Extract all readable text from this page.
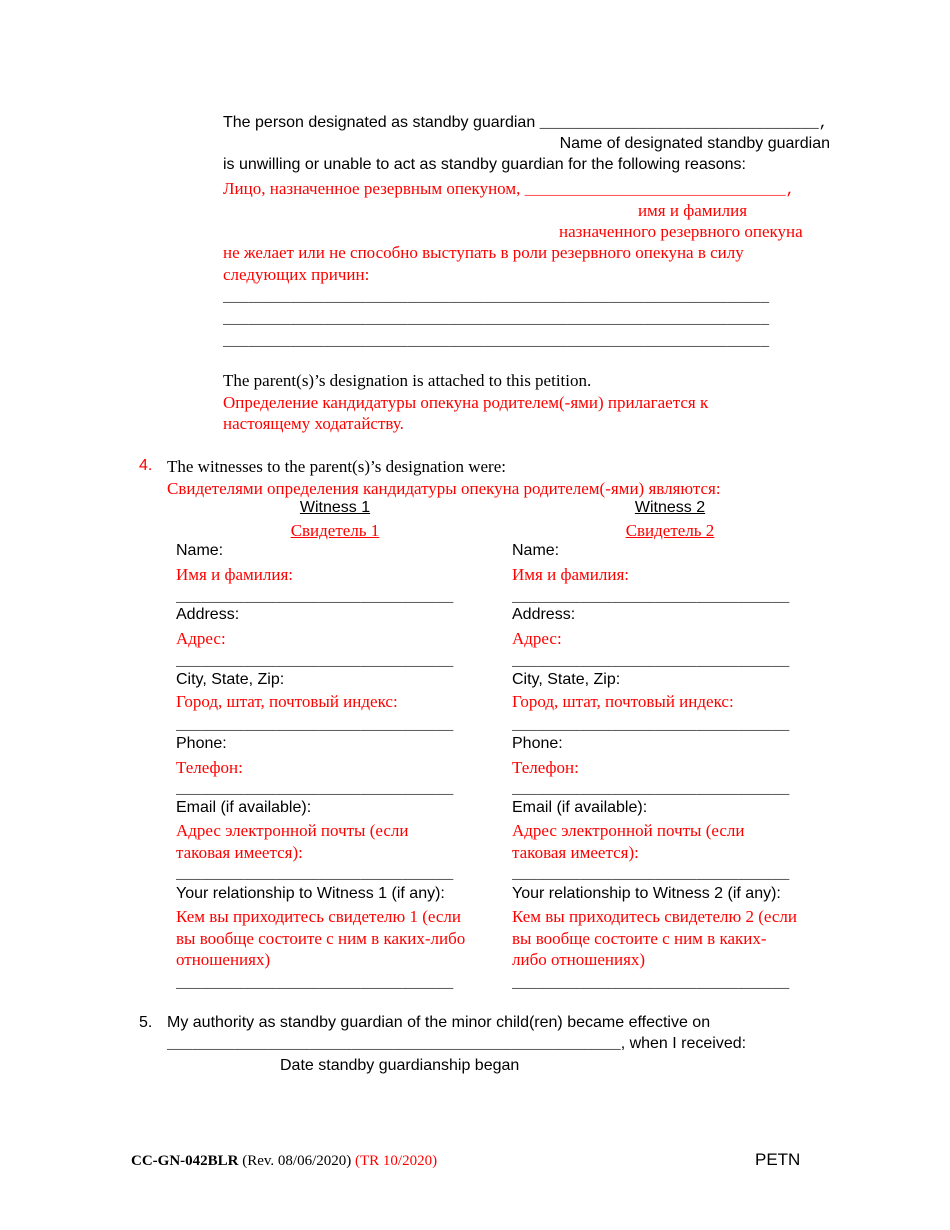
The person designated as standby guardian _______________________________,
Name of designated standby guardian
is unwilling or unable to act as standby guardian for the following reasons:
Лицо, назначенное резервным опекуном, _____________________________,
имя и фамилия
назначенного резервного опекуна
не желает или не способно выступать в роли резервного опекуна в силу
следующих причин:
_________________________________________________________________
_________________________________________________________________
_________________________________________________________________
The parent(s)’s designation is attached to this petition.
Определение кандидатуры опекуна родителем(-ями) прилагается к
настоящему ходатайству.
4. The witnesses to the parent(s)’s designation were:
Свидетелями определения кандидатуры опекуна родителем(-ями) являются:
Witness 1
Свидетель 1
Name:
Имя и фамилия:
_________________________________
Address:
Адрес:
_________________________________
City, State, Zip:
Город, штат, почтовый индекс:
_________________________________
Phone:
Телефон:
_________________________________
Email (if available):
Адрес электронной почты (если
таковая имеется):
_________________________________
Your relationship to Witness 1 (if any):
Кем вы приходитесь свидетелю 1 (если
вы вообще состоите с ним в каких-либо
отношениях)
_________________________________
Witness 2
Свидетель 2
Name:
Имя и фамилия:
_________________________________
Address:
Адрес:
_________________________________
City, State, Zip:
Город, штат, почтовый индекс:
_________________________________
Phone:
Телефон:
_________________________________
Email (if available):
Адрес электронной почты (если
таковая имеется):
_________________________________
Your relationship to Witness 2 (if any):
Кем вы приходитесь свидетелю 2 (если
вы вообще состоите с ним в каких-
либо отношениях)
_________________________________
5. My authority as standby guardian of the minor child(ren) became effective on
______________________________________________________, when I received:
Date standby guardianship began
CC-GN-042BLR (Rev. 08/06/2020) (TR 10/2020)	PETN
